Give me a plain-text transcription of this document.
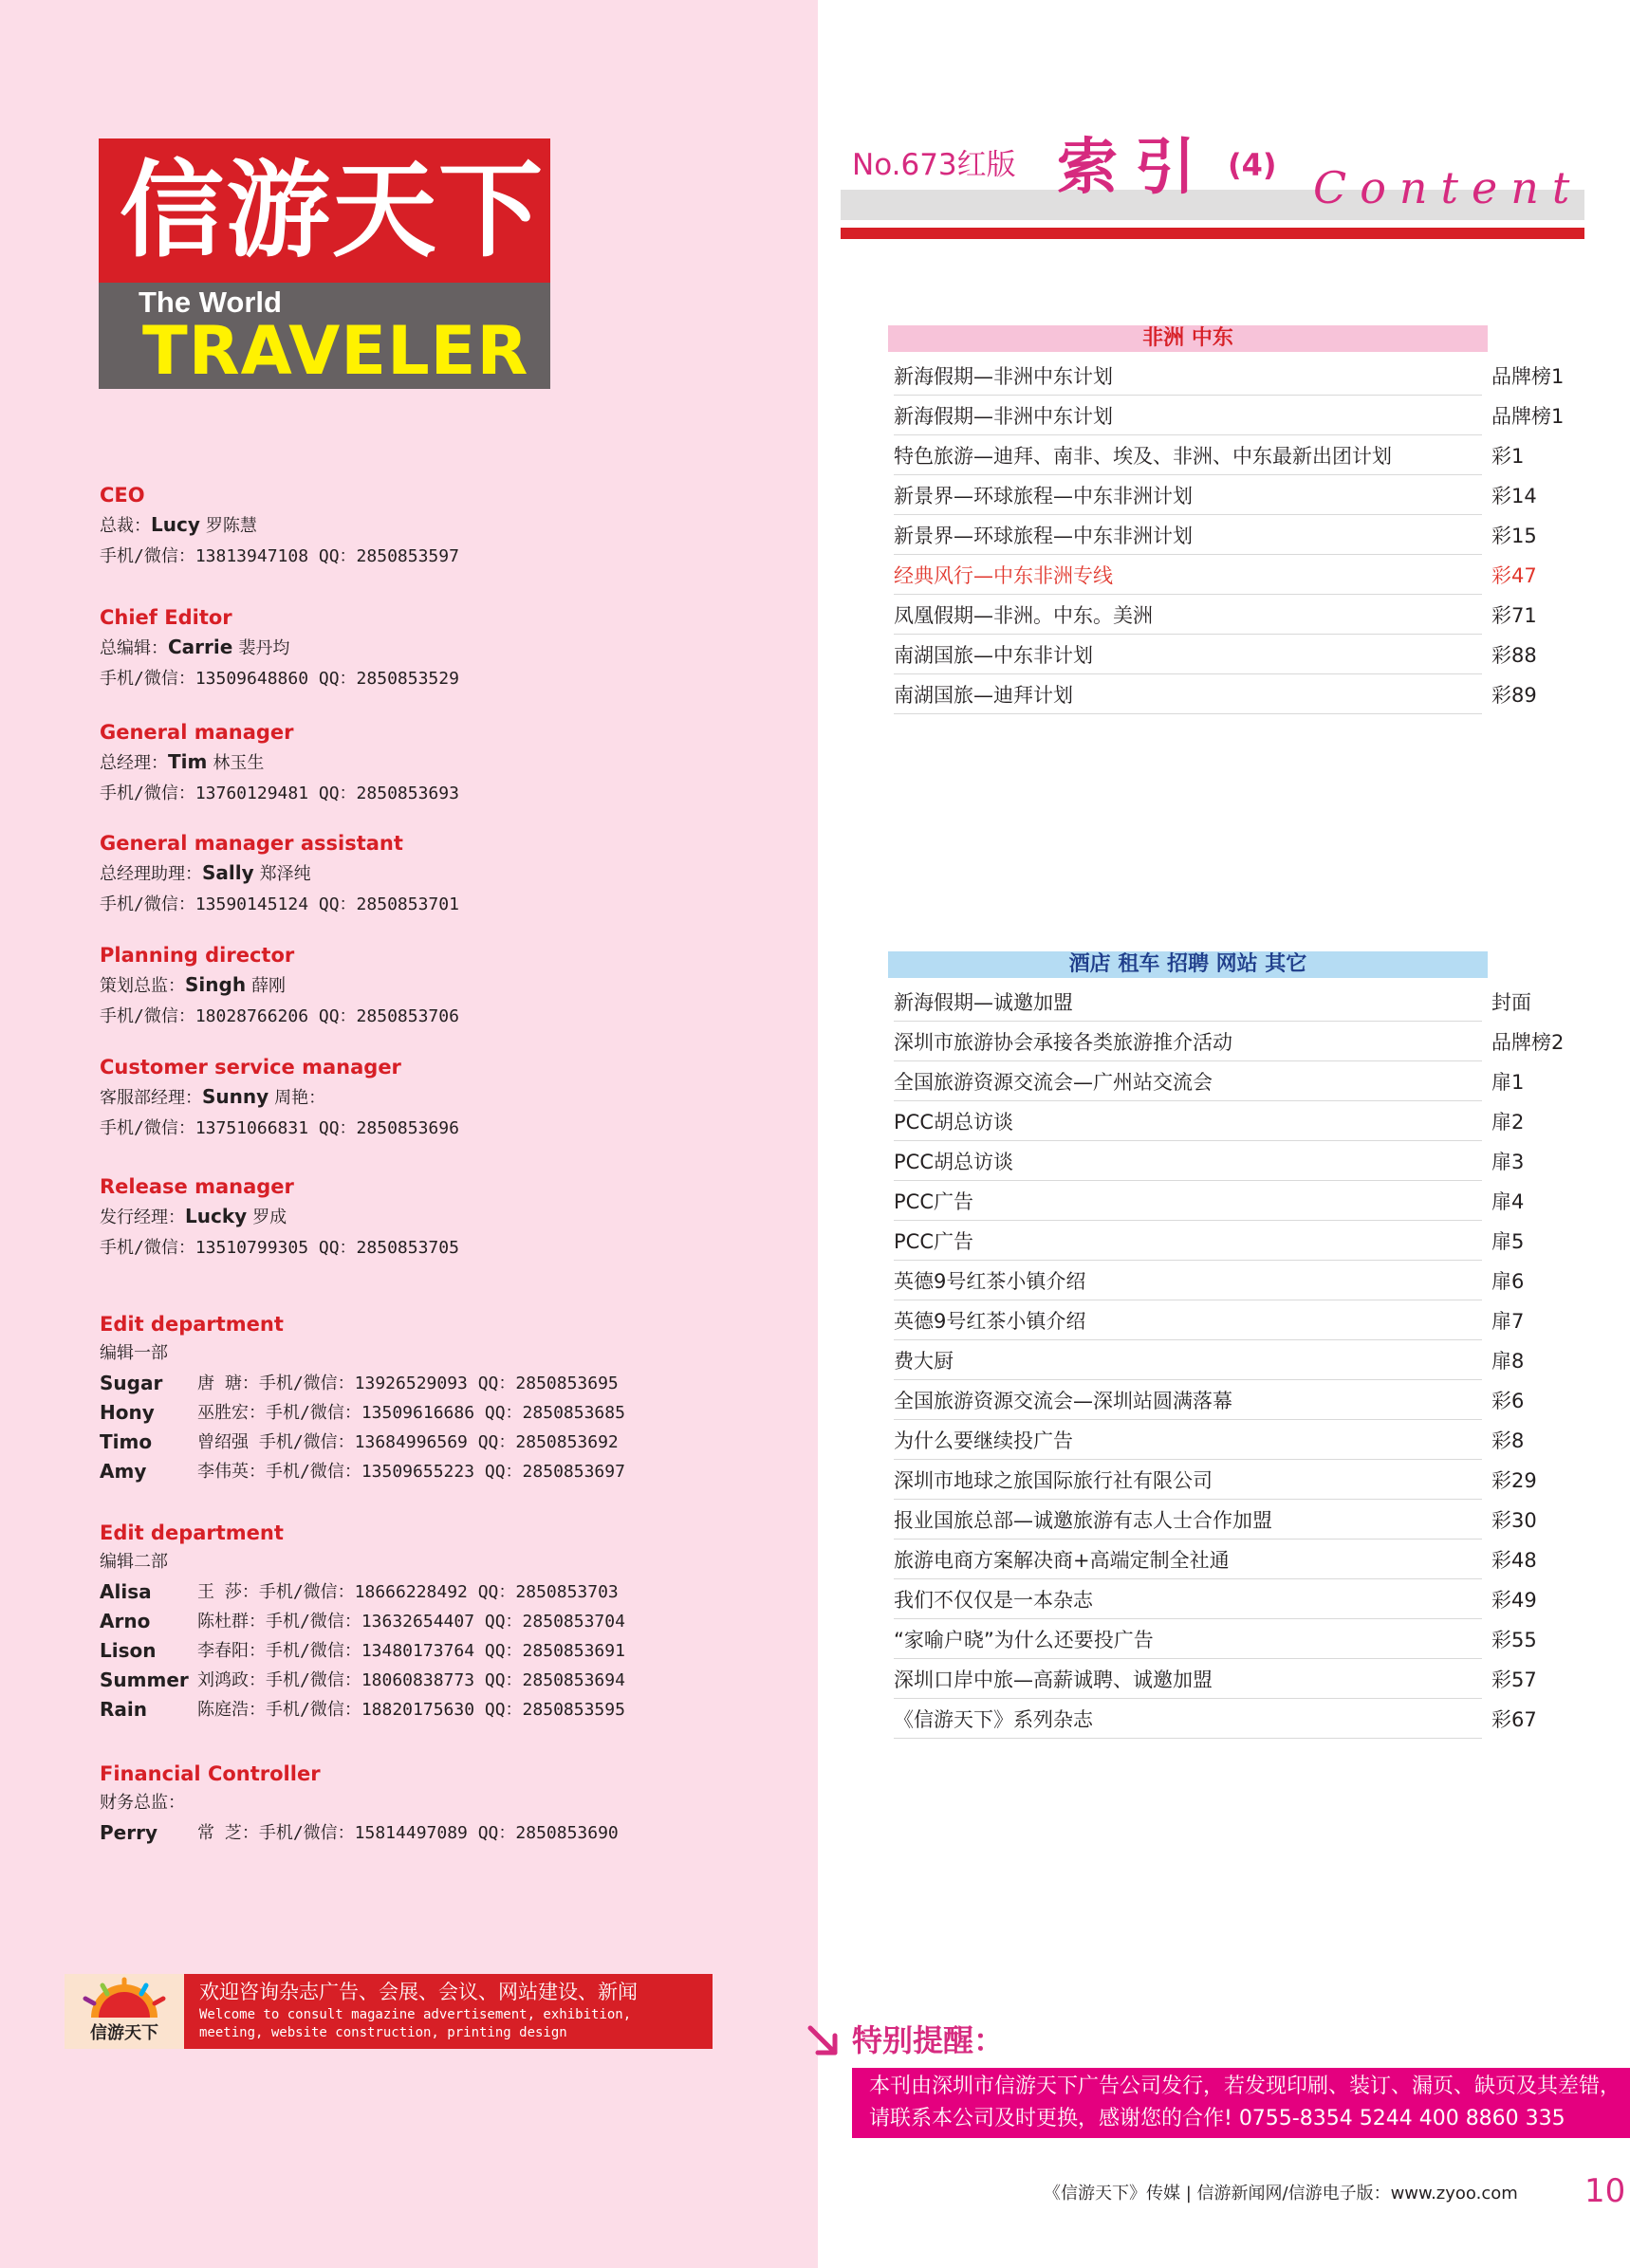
信游天下
The World
TRAVELER
CEO
总裁：Lucy 罗陈慧
手机/微信：13813947108 QQ：2850853597
Chief Editor
总编辑：Carrie 裴丹均
手机/微信：13509648860 QQ：2850853529
General manager
总经理：Tim 林玉生
手机/微信：13760129481 QQ：2850853693
General manager assistant
总经理助理：Sally 郑泽纯
手机/微信：13590145124 QQ：2850853701
Planning director
策划总监：Singh 薛刚
手机/微信：18028766206 QQ：2850853706
Customer service manager
客服部经理：Sunny 周艳：
手机/微信：13751066831 QQ：2850853696
Release manager
发行经理：Lucky 罗成
手机/微信：13510799305 QQ：2850853705
Edit department
编辑一部
Sugar 唐 瑭：手机/微信：13926529093 QQ：2850853695
Hony	巫胜宏：手机/微信：13509616686 QQ：2850853685
Timo	曾绍强 手机/微信：13684996569 QQ：2850853692
Amy	李伟英：手机/微信：13509655223 QQ：2850853697
Edit department
编辑二部
Alisa	王 莎：手机/微信：18666228492 QQ：2850853703
Arno	陈杜群：手机/微信：13632654407 QQ：2850853704
Lison 李春阳：手机/微信：13480173764 QQ：2850853691
Summer 刘鸿政：手机/微信：18060838773 QQ：2850853694
Rain	陈庭浩：手机/微信：18820175630 QQ：2850853595
Financial Controller
财务总监：
Perry 常 芝：手机/微信：15814497089 QQ：2850853690
信游天下
欢迎咨询杂志广告、会展、会议、网站建设、新闻
Welcome to consult magazine advertisement, exhibition,
meeting, website construction, printing design
No.673红版 索引 (4) Content
非洲 中东
新海假期—非洲中东计划	品牌榜1
新海假期—非洲中东计划	品牌榜1
特色旅游—迪拜、南非、埃及、非洲、中东最新出团计划	彩1
新景界—环球旅程—中东非洲计划	彩14
新景界—环球旅程—中东非洲计划	彩15
经典风行—中东非洲专线	彩47
凤凰假期—非洲。中东。美洲	彩71
南湖国旅—中东非计划	彩88
南湖国旅—迪拜计划	彩89
酒店 租车 招聘 网站 其它
新海假期—诚邀加盟	封面
深圳市旅游协会承接各类旅游推介活动	品牌榜2
全国旅游资源交流会—广州站交流会	扉1
PCC胡总访谈	扉2
PCC胡总访谈	扉3
PCC广告	扉4
PCC广告	扉5
英德9号红茶小镇介绍	扉6
英德9号红茶小镇介绍	扉7
费大厨	扉8
全国旅游资源交流会—深圳站圆满落幕	彩6
为什么要继续投广告	彩8
深圳市地球之旅国际旅行社有限公司	彩29
报业国旅总部—诚邀旅游有志人士合作加盟	彩30
旅游电商方案解决商+高端定制全社通	彩48
我们不仅仅是一本杂志	彩49
“家喻户晓”为什么还要投广告	彩55
深圳口岸中旅—高薪诚聘、诚邀加盟	彩57
《信游天下》系列杂志	彩67
特别提醒：
本刊由深圳市信游天下广告公司发行，若发现印刷、装订、漏页、缺页及其差错，
请联系本公司及时更换，感谢您的合作! 0755-8354 5244 400 8860 335
《信游天下》传媒 | 信游新闻网/信游电子版：www.zyoo.com 10
